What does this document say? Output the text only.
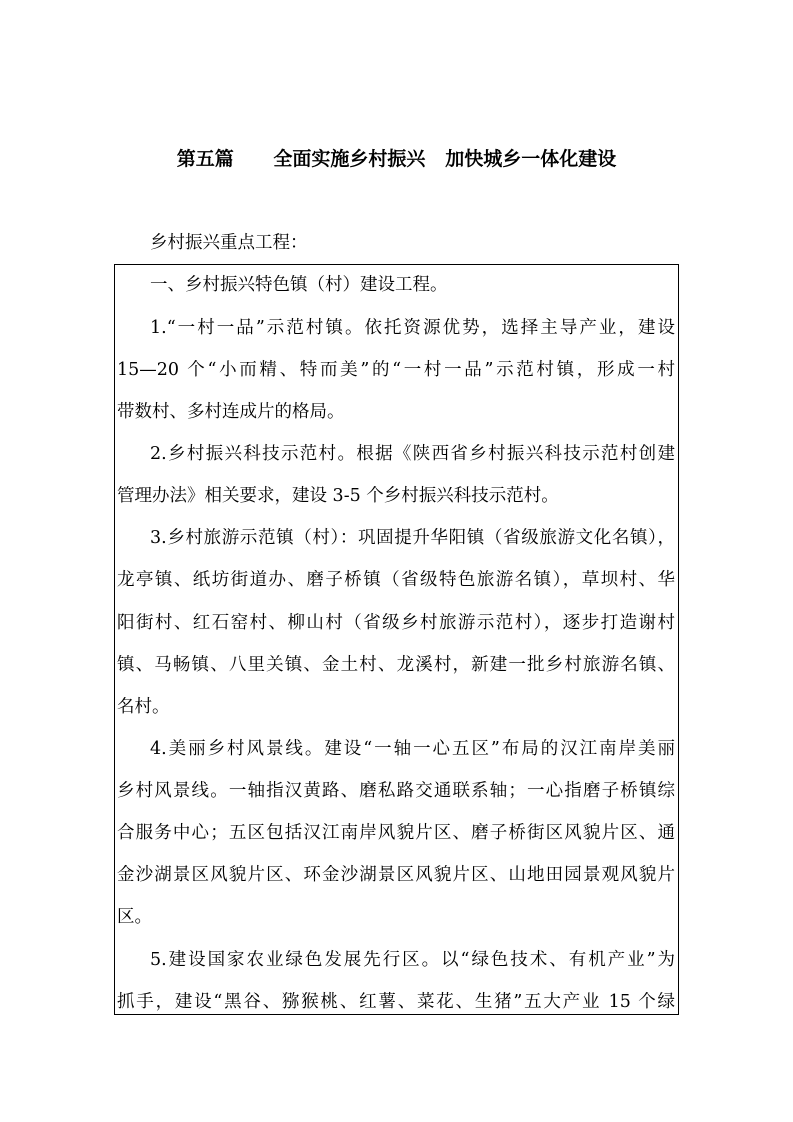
第五篇      全面实施乡村振兴   加快城乡一体化建设
乡村振兴重点工程：
一、乡村振兴特色镇（村）建设工程。
1.“一村一品”示范村镇。依托资源优势，选择主导产业，建设
15—20 个“小而精、特而美”的“一村一品”示范村镇，形成一村
带数村、多村连成片的格局。
2.乡村振兴科技示范村。根据《陕西省乡村振兴科技示范村创建
管理办法》相关要求，建设 3-5 个乡村振兴科技示范村。
3.乡村旅游示范镇（村）：巩固提升华阳镇（省级旅游文化名镇），
龙亭镇、纸坊街道办、磨子桥镇（省级特色旅游名镇），草坝村、华
阳街村、红石窑村、柳山村（省级乡村旅游示范村），逐步打造谢村
镇、马畅镇、八里关镇、金土村、龙溪村，新建一批乡村旅游名镇、
名村。
4.美丽乡村风景线。建设“一轴一心五区”布局的汉江南岸美丽
乡村风景线。一轴指汉黄路、磨私路交通联系轴；一心指磨子桥镇综
合服务中心；五区包括汉江南岸风貌片区、磨子桥街区风貌片区、通
金沙湖景区风貌片区、环金沙湖景区风貌片区、山地田园景观风貌片
区。
5.建设国家农业绿色发展先行区。以“绿色技术、有机产业”为
抓手，建设“黑谷、猕猴桃、红薯、菜花、生猪”五大产业 15 个绿
